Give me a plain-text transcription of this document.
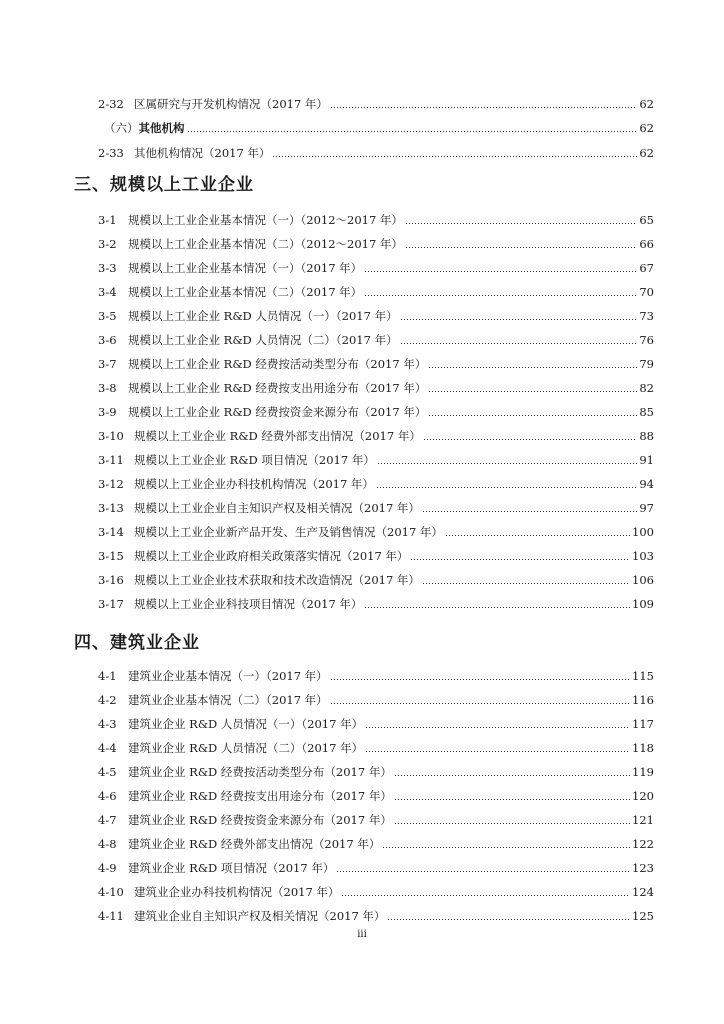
2-32 区属研究与开发机构情况（2017 年）	62
（六） 其他机构	62
2-33 其他机构情况（2017 年）	62
三、规模以上工业企业
3-1 规模以上工业企业基本情况（一）（2012～2017 年）	65
3-2 规模以上工业企业基本情况（二）（2012～2017 年）	66
3-3 规模以上工业企业基本情况（一）（2017 年）	67
3-4 规模以上工业企业基本情况（二）（2017 年）	70
3-5 规模以上工业企业 R&D 人员情况（一）（2017 年）	73
3-6 规模以上工业企业 R&D 人员情况（二）（2017 年）	76
3-7 规模以上工业企业 R&D 经费按活动类型分布（2017 年）	79
3-8 规模以上工业企业 R&D 经费按支出用途分布（2017 年）	82
3-9 规模以上工业企业 R&D 经费按资金来源分布（2017 年）	85
3-10 规模以上工业企业 R&D 经费外部支出情况（2017 年）	88
3-11 规模以上工业企业 R&D 项目情况（2017 年）	91
3-12 规模以上工业企业办科技机构情况（2017 年）	94
3-13 规模以上工业企业自主知识产权及相关情况（2017 年）	97
3-14 规模以上工业企业新产品开发、生产及销售情况（2017 年）	100
3-15 规模以上工业企业政府相关政策落实情况（2017 年）	103
3-16 规模以上工业企业技术获取和技术改造情况（2017 年）	106
3-17 规模以上工业企业科技项目情况（2017 年）	109
四、建筑业企业
4-1 建筑业企业基本情况（一）（2017 年）	115
4-2 建筑业企业基本情况（二）（2017 年）	116
4-3 建筑业企业 R&D 人员情况（一）（2017 年）	117
4-4 建筑业企业 R&D 人员情况（二）（2017 年）	118
4-5 建筑业企业 R&D 经费按活动类型分布（2017 年）	119
4-6 建筑业企业 R&D 经费按支出用途分布（2017 年）	120
4-7 建筑业企业 R&D 经费按资金来源分布（2017 年）	121
4-8 建筑业企业 R&D 经费外部支出情况（2017 年）	122
4-9 建筑业企业 R&D 项目情况（2017 年）	123
4-10 建筑业企业办科技机构情况（2017 年）	124
4-11 建筑业企业自主知识产权及相关情况（2017 年）	125
iii
